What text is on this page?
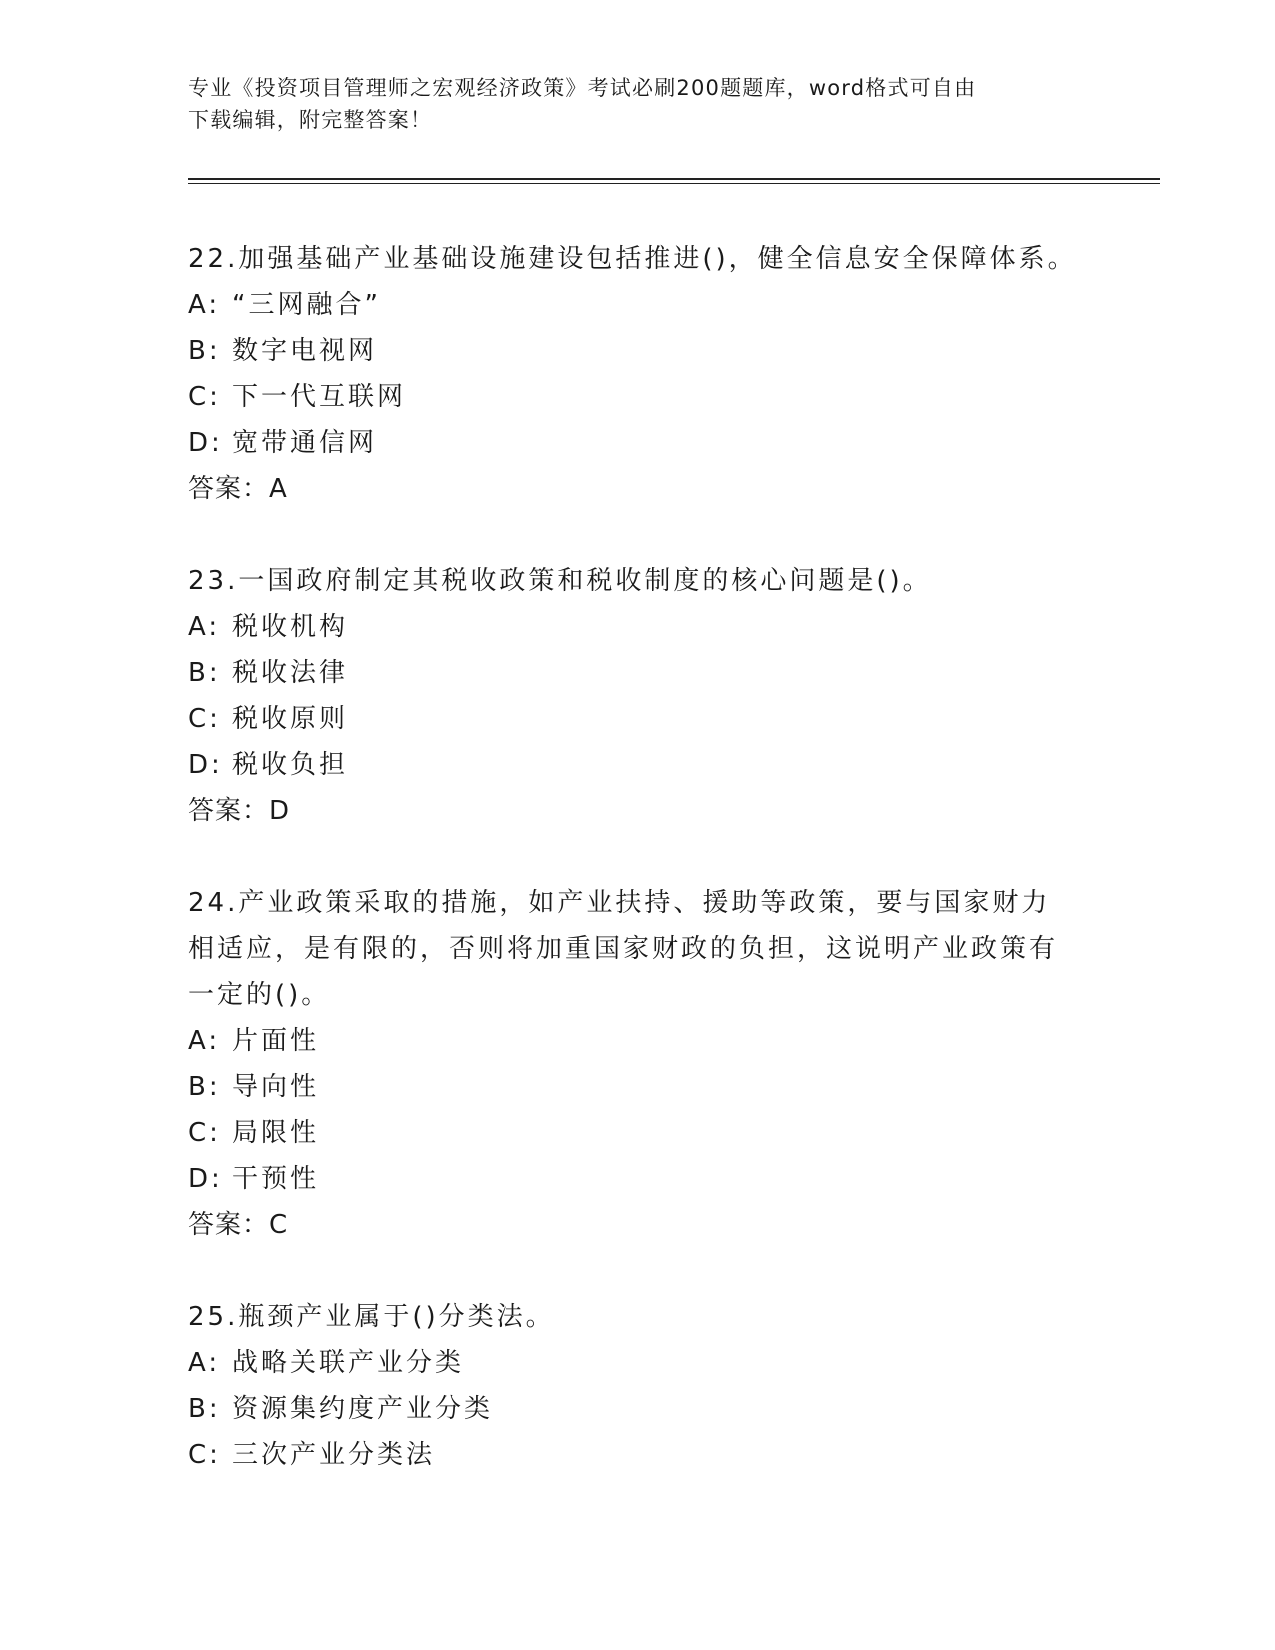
专业《投资项目管理师之宏观经济政策》考试必刷200题题库，word格式可自由
下载编辑，附完整答案！
22.加强基础产业基础设施建设包括推进()，健全信息安全保障体系。
A: “三网融合”
B: 数字电视网
C: 下一代互联网
D: 宽带通信网
答案：A
23.一国政府制定其税收政策和税收制度的核心问题是()。
A: 税收机构
B: 税收法律
C: 税收原则
D: 税收负担
答案：D
24.产业政策采取的措施，如产业扶持、援助等政策，要与国家财力相适应，是有限的，否则将加重国家财政的负担，这说明产业政策有一定的()。
A: 片面性
B: 导向性
C: 局限性
D: 干预性
答案：C
25.瓶颈产业属于()分类法。
A: 战略关联产业分类
B: 资源集约度产业分类
C: 三次产业分类法
